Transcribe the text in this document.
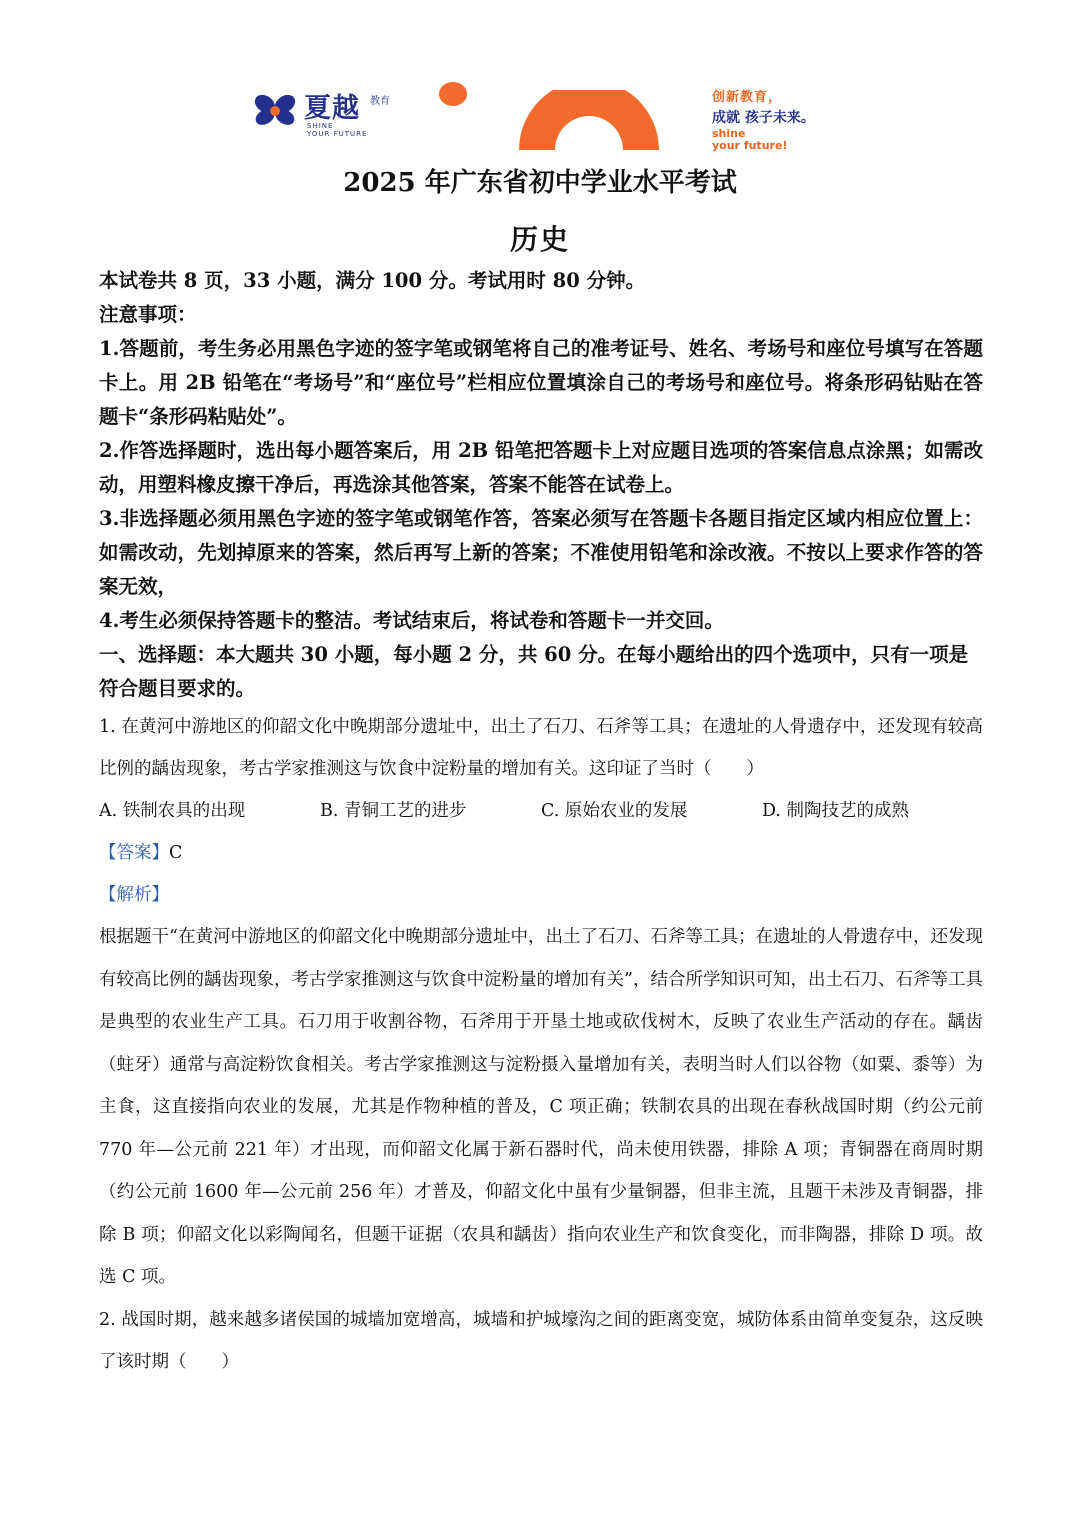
夏越 教育
SHINE
YOUR FUTURE
创新教育，
成就 孩子未来。
shine
your future!
2025 年广东省初中学业水平考试
历史

本试卷共 8 页，33 小题，满分 100 分。考试用时 80 分钟。

注意事项：

1.答题前，考生务必用黑色字迹的签字笔或钢笔将自己的准考证号、姓名、考场号和座位号填写在答题卡上。用 2B 铅笔在“考场号”和“座位号”栏相应位置填涂自己的考场号和座位号。将条形码钻贴在答题卡“条形码粘贴处”。

2.作答选择题时，选出每小题答案后，用 2B 铅笔把答题卡上对应题目选项的答案信息点涂黑；如需改动，用塑料橡皮擦干净后，再选涂其他答案，答案不能答在试卷上。

3.非选择题必须用黑色字迹的签字笔或钢笔作答，答案必须写在答题卡各题目指定区域内相应位置上：如需改动，先划掉原来的答案，然后再写上新的答案；不准使用铅笔和涂改液。不按以上要求作答的答案无效，

4.考生必须保持答题卡的整洁。考试结束后，将试卷和答题卡一并交回。

一、选择题：本大题共 30 小题，每小题 2 分，共 60 分。在每小题给出的四个选项中，只有一项是符合题目要求的。

1. 在黄河中游地区的仰韶文化中晚期部分遗址中，出土了石刀、石斧等工具；在遗址的人骨遗存中，还发现有较高比例的龋齿现象，考古学家推测这与饮食中淀粉量的增加有关。这印证了当时（　　）

A. 铁制农具的出现	B. 青铜工艺的进步	C. 原始农业的发展	D. 制陶技艺的成熟

【答案】C

【解析】

根据题干“在黄河中游地区的仰韶文化中晚期部分遗址中，出土了石刀、石斧等工具；在遗址的人骨遗存中，还发现有较高比例的龋齿现象，考古学家推测这与饮食中淀粉量的增加有关”，结合所学知识可知，出土石刀、石斧等工具是典型的农业生产工具。石刀用于收割谷物，石斧用于开垦土地或砍伐树木，反映了农业生产活动的存在。龋齿（蛀牙）通常与高淀粉饮食相关。考古学家推测这与淀粉摄入量增加有关，表明当时人们以谷物（如粟、黍等）为主食，这直接指向农业的发展，尤其是作物种植的普及，C 项正确；铁制农具的出现在春秋战国时期（约公元前 770 年—公元前 221 年）才出现，而仰韶文化属于新石器时代，尚未使用铁器，排除 A 项；青铜器在商周时期（约公元前 1600 年—公元前 256 年）才普及，仰韶文化中虽有少量铜器，但非主流，且题干未涉及青铜器，排除 B 项；仰韶文化以彩陶闻名，但题干证据（农具和龋齿）指向农业生产和饮食变化，而非陶器，排除 D 项。故选 C 项。

2. 战国时期，越来越多诸侯国的城墙加宽增高，城墙和护城壕沟之间的距离变宽，城防体系由简单变复杂，这反映了该时期（　　）
